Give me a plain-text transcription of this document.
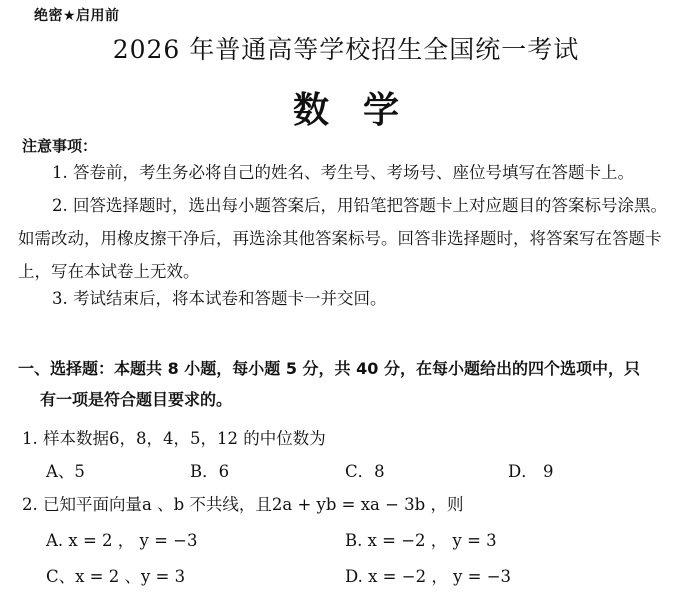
绝密★启用前
2026 年普通高等学校招生全国统一考试
数学
注意事项：
1. 答卷前，考生务必将自己的姓名、考生号、考场号、座位号填写在答题卡上。
2. 回答选择题时，选出每小题答案后，用铅笔把答题卡上对应题目的答案标号涂黑。如需改动，用橡皮擦干净后，再选涂其他答案标号。回答非选择题时，将答案写在答题卡上，写在本试卷上无效。
3. 考试结束后，将本试卷和答题卡一并交回。
一、选择题：本题共 8 小题，每小题 5 分，共 40 分，在每小题给出的四个选项中，只
有一项是符合题目要求的。
1. 样本数据6，8，4，5，12 的中位数为
A、5	B．6	C．8	D． 9
2. 已知平面向量a 、b 不共线，且2a + yb = xa − 3b ，则
A. x = 2 ， y = −3	B. x = −2 ， y = 3
C、x = 2 、y = 3	D. x = −2 ， y = −3
